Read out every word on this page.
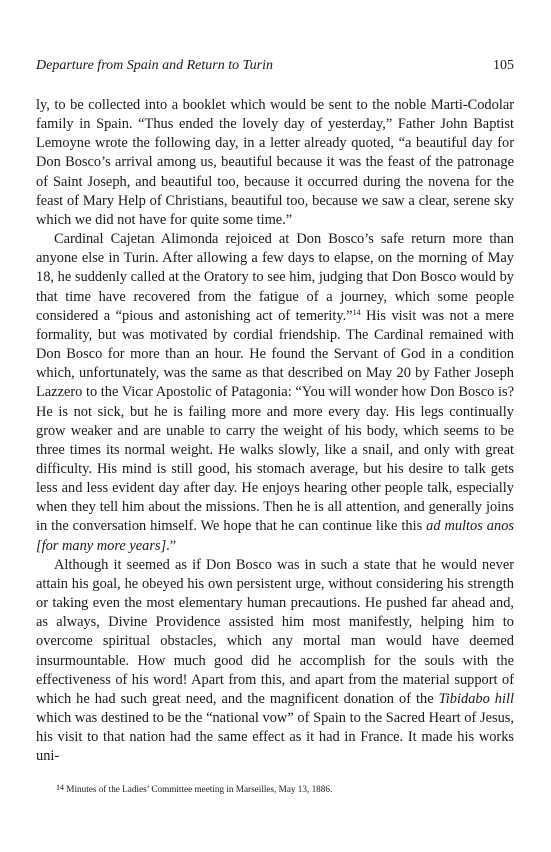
Departure from Spain and Return to Turin	105

ly, to be collected into a booklet which would be sent to the noble Marti-Codolar family in Spain. “Thus ended the lovely day of yesterday,” Father John Baptist Lemoyne wrote the following day, in a letter already quoted, “a beautiful day for Don Bosco’s arrival among us, beautiful because it was the feast of the patronage of Saint Joseph, and beautiful too, because it occurred during the novena for the feast of Mary Help of Christians, beautiful too, because we saw a clear, serene sky which we did not have for quite some time.”

Cardinal Cajetan Alimonda rejoiced at Don Bosco’s safe return more than anyone else in Turin. After allowing a few days to elapse, on the morning of May 18, he suddenly called at the Oratory to see him, judging that Don Bosco would by that time have recovered from the fatigue of a journey, which some people considered a “pious and astonishing act of temerity.”$^{14}$ His visit was not a mere formality, but was motivated by cordial friendship. The Cardinal remained with Don Bosco for more than an hour. He found the Servant of God in a condition which, unfortunately, was the same as that described on May 20 by Father Joseph Lazzero to the Vicar Apostolic of Patagonia: “You will wonder how Don Bosco is? He is not sick, but he is failing more and more every day. His legs continually grow weaker and are unable to carry the weight of his body, which seems to be three times its normal weight. He walks slowly, like a snail, and only with great difficulty. His mind is still good, his stomach average, but his desire to talk gets less and less evident day after day. He enjoys hearing other people talk, especially when they tell him about the missions. Then he is all attention, and generally joins in the conversation himself. We hope that he can continue like this ad multos anos [for many more years].”

Although it seemed as if Don Bosco was in such a state that he would never attain his goal, he obeyed his own persistent urge, without considering his strength or taking even the most elementary human precautions. He pushed far ahead and, as always, Divine Providence assisted him most manifestly, helping him to overcome spiritual obstacles, which any mortal man would have deemed insurmountable. How much good did he accomplish for the souls with the effectiveness of his word! Apart from this, and apart from the material support of which he had such great need, and the magnificent donation of the Tibidabo hill which was destined to be the “national vow” of Spain to the Sacred Heart of Jesus, his visit to that nation had the same effect as it had in France. It made his works uni-

$^{14}$ Minutes of the Ladies’ Committee meeting in Marseilles, May 13, 1886.
